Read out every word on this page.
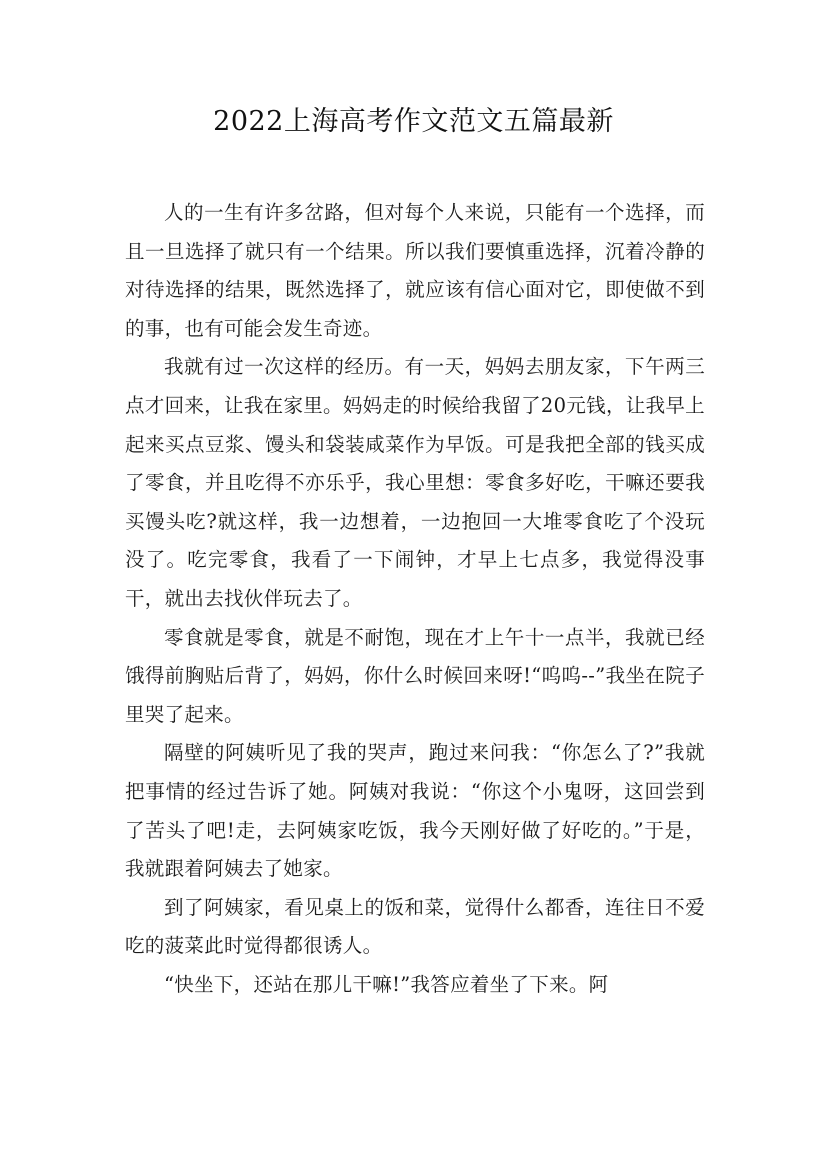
2022上海高考作文范文五篇最新

人的一生有许多岔路，但对每个人来说，只能有一个选择，而且一旦选择了就只有一个结果。所以我们要慎重选择，沉着冷静的对待选择的结果，既然选择了，就应该有信心面对它，即使做不到的事，也有可能会发生奇迹。

我就有过一次这样的经历。有一天，妈妈去朋友家，下午两三点才回来，让我在家里。妈妈走的时候给我留了20元钱，让我早上起来买点豆浆、馒头和袋装咸菜作为早饭。可是我把全部的钱买成了零食，并且吃得不亦乐乎，我心里想：零食多好吃，干嘛还要我买馒头吃?就这样，我一边想着，一边抱回一大堆零食吃了个没玩没了。吃完零食，我看了一下闹钟，才早上七点多，我觉得没事干，就出去找伙伴玩去了。

零食就是零食，就是不耐饱，现在才上午十一点半，我就已经饿得前胸贴后背了，妈妈，你什么时候回来呀!“呜呜--”我坐在院子里哭了起来。

隔壁的阿姨听见了我的哭声，跑过来问我：“你怎么了?”我就把事情的经过告诉了她。阿姨对我说：“你这个小鬼呀，这回尝到了苦头了吧!走，去阿姨家吃饭，我今天刚好做了好吃的。”于是，我就跟着阿姨去了她家。

到了阿姨家，看见桌上的饭和菜，觉得什么都香，连往日不爱吃的菠菜此时觉得都很诱人。

“快坐下，还站在那儿干嘛!”我答应着坐了下来。阿
